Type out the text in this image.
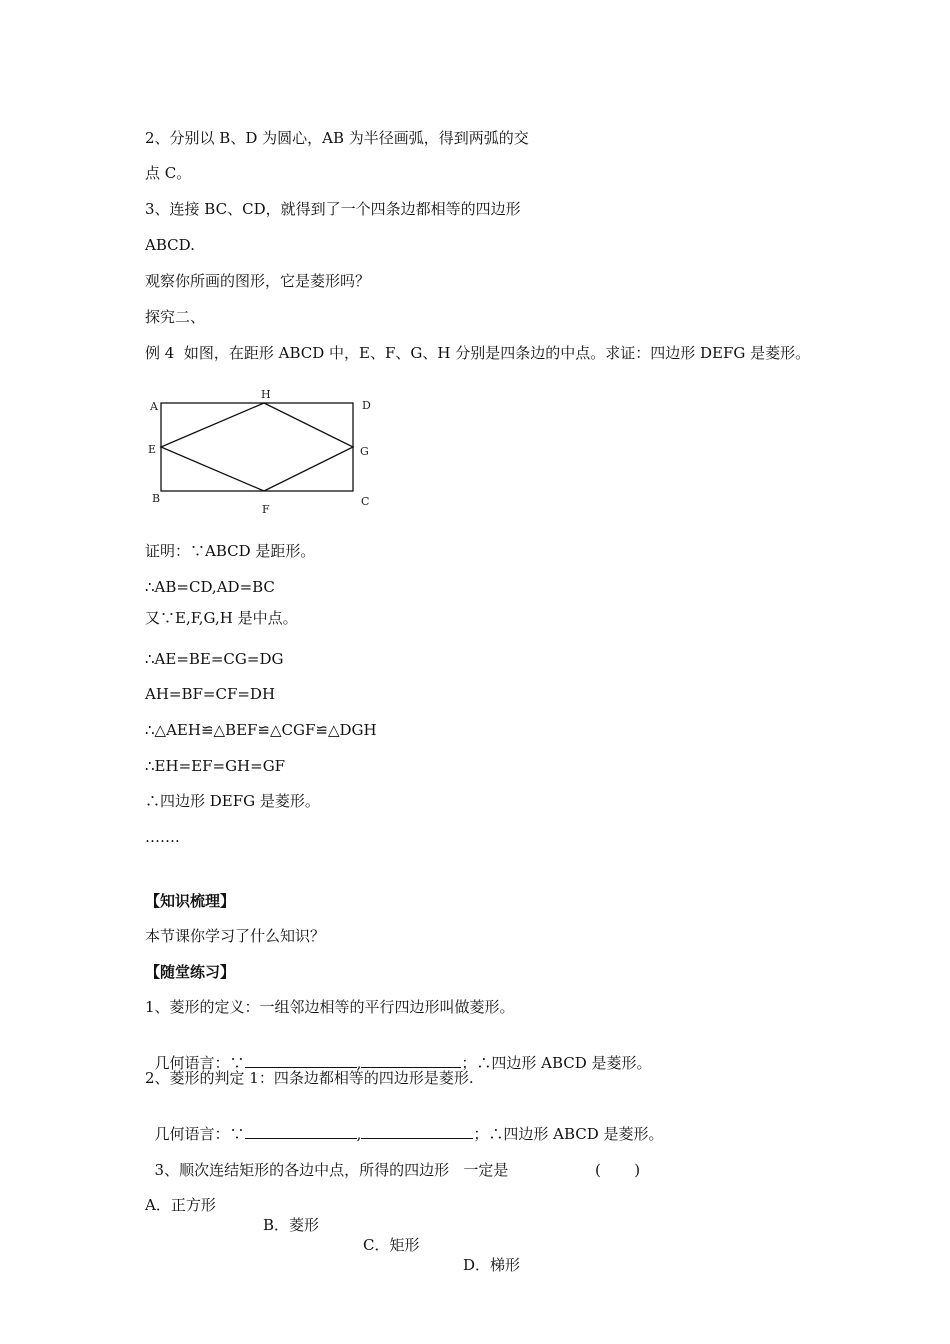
2、分别以 B、D 为圆心，AB 为半径画弧，得到两弧的交
点 C。
3、连接 BC、CD，就得到了一个四条边都相等的四边形
ABCD.
观察你所画的图形，它是菱形吗？
探究二、
例 4  如图，在距形 ABCD 中，E、F、G、H 分别是四条边的中点。求证：四边形 DEFG 是菱形。
A
H
D
E	G
B	C
F
证明：∵ABCD 是距形。
∴AB=CD,AD=BC
又∵E,F,G,H 是中点。
∴AE=BE=CG=DG
AH=BF=CF=DH
∴△AEH≌△BEF≌△CGF≌△DGH
∴EH=EF=GH=GF
∴四边形 DEFG 是菱形。
…….
【知识梳理】
本节课你学习了什么知识？
【随堂练习】
1、菱形的定义：一组邻边相等的平行四边形叫做菱形。

几何语言：∵	,	；∴四边形 ABCD 是菱形。

2、菱形的判定 1：四条边都相等的四边形是菱形.

几何语言：∵	,	；∴四边形 ABCD 是菱形。

3、顺次连结矩形的各边中点，所得的四边形   一定是	(       )

A．正方形

B．菱形

C．矩形

D．梯形
